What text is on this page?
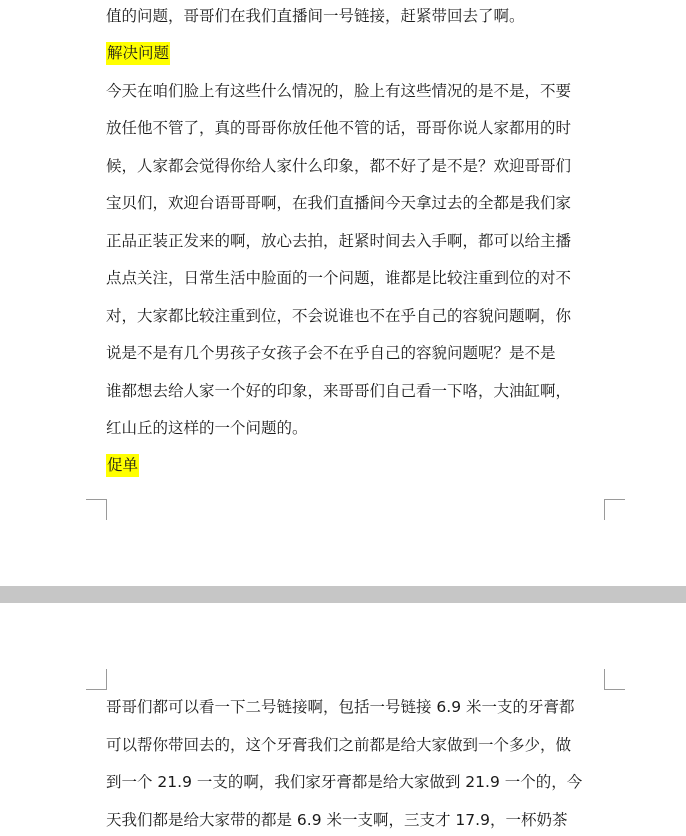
值的问题，哥哥们在我们直播间一号链接，赶紧带回去了啊。
解决问题
今天在咱们脸上有这些什么情况的，脸上有这些情况的是不是，不要
放任他不管了，真的哥哥你放任他不管的话，哥哥你说人家都用的时
候，人家都会觉得你给人家什么印象，都不好了是不是？欢迎哥哥们
宝贝们，欢迎台语哥哥啊，在我们直播间今天拿过去的全都是我们家
正品正装正发来的啊，放心去拍，赶紧时间去入手啊，都可以给主播
点点关注，日常生活中脸面的一个问题，谁都是比较注重到位的对不
对，大家都比较注重到位，不会说谁也不在乎自己的容貌问题啊，你
说是不是有几个男孩子女孩子会不在乎自己的容貌问题呢？是不是
谁都想去给人家一个好的印象，来哥哥们自己看一下咯，大油缸啊，
红山丘的这样的一个问题的。
促单
哥哥们都可以看一下二号链接啊，包括一号链接 6.9 米一支的牙膏都
可以帮你带回去的，这个牙膏我们之前都是给大家做到一个多少，做
到一个 21.9 一支的啊，我们家牙膏都是给大家做到 21.9 一个的，今
天我们都是给大家带的都是 6.9 米一支啊，三支才 17.9，一杯奶茶
